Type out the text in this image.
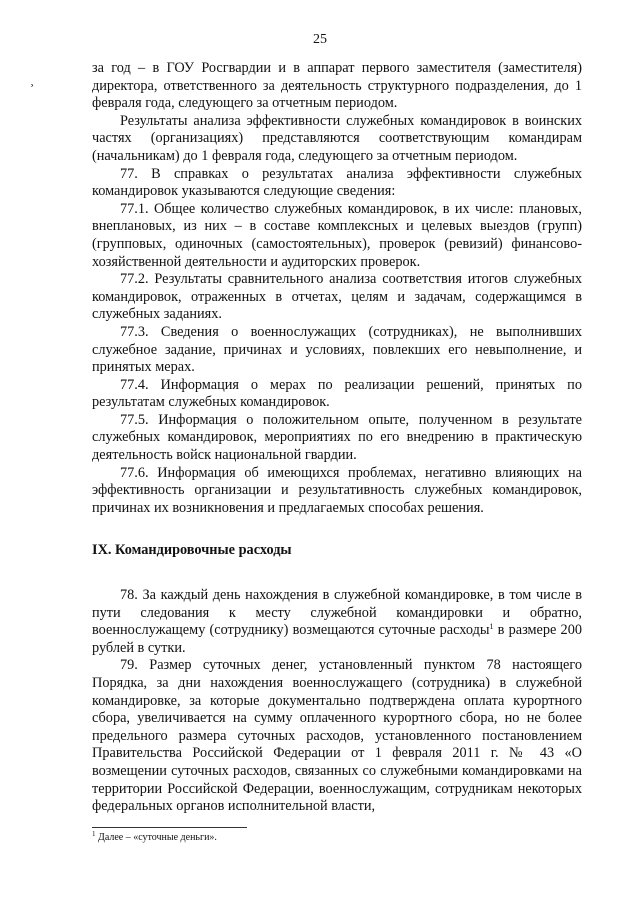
25
¸

за год – в ГОУ Росгвардии и в аппарат первого заместителя (заместителя) директора, ответственного за деятельность структурного подразделения, до 1 февраля года, следующего за отчетным периодом.

Результаты анализа эффективности служебных командировок в воинских частях (организациях) представляются соответствующим командирам (начальникам) до 1 февраля года, следующего за отчетным периодом.

77. В справках о результатах анализа эффективности служебных командировок указываются следующие сведения:

77.1. Общее количество служебных командировок, в их числе: плановых, внеплановых, из них – в составе комплексных и целевых выездов (групп) (групповых, одиночных (самостоятельных), проверок (ревизий) финансово-хозяйственной деятельности и аудиторских проверок.

77.2. Результаты сравнительного анализа соответствия итогов служебных командировок, отраженных в отчетах, целям и задачам, содержащимся в служебных заданиях.

77.3. Сведения о военнослужащих (сотрудниках), не выполнивших служебное задание, причинах и условиях, повлекших его невыполнение, и принятых мерах.

77.4. Информация о мерах по реализации решений, принятых по результатам служебных командировок.

77.5. Информация о положительном опыте, полученном в результате служебных командировок, мероприятиях по его внедрению в практическую деятельность войск национальной гвардии.

77.6. Информация об имеющихся проблемах, негативно влияющих на эффективность организации и результативность служебных командировок, причинах их возникновения и предлагаемых способах решения.

IX. Командировочные расходы

78. За каждый день нахождения в служебной командировке, в том числе в пути следования к месту служебной командировки и обратно, военнослужащему (сотруднику) возмещаются суточные расходы$^1$ в размере 200 рублей в сутки.

79. Размер суточных денег, установленный пунктом 78 настоящего Порядка, за дни нахождения военнослужащего (сотрудника) в служебной командировке, за которые документально подтверждена оплата курортного сбора, увеличивается на сумму оплаченного курортного сбора, но не более предельного размера суточных расходов, установленного постановлением Правительства Российской Федерации от 1 февраля 2011 г. № 43 «О возмещении суточных расходов, связанных со служебными командировками на территории Российской Федерации, военнослужащим, сотрудникам некоторых федеральных органов исполнительной власти,

$^1$ Далее – «суточные деньги».
